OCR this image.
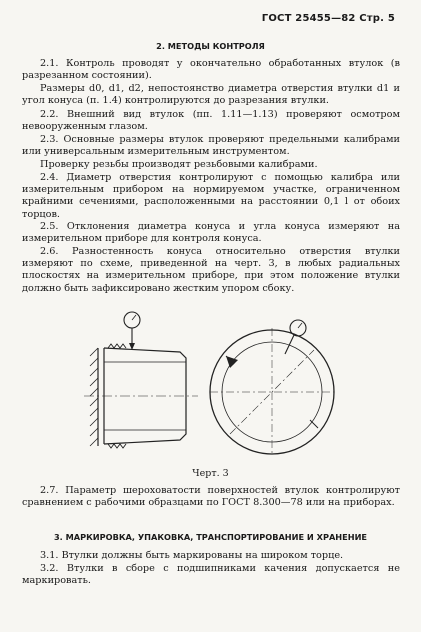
ГОСТ 25455—82 Стр. 5
2. МЕТОДЫ КОНТРОЛЯ

2.1. Контроль проводят у окончательно обработанных втулок (в разрезанном состоянии).

Размеры d0, d1, d2, непостоянство диаметра отверстия втулки d1 и угол конуса (п. 1.4) контролируются до разрезания втулки.

2.2. Внешний вид втулок (пп. 1.11—1.13) проверяют осмотром невооруженным глазом.

2.3. Основные размеры втулок проверяют предельными калибрами или универсальным измерительным инструментом.

Проверку резьбы производят резьбовыми калибрами.

2.4. Диаметр отверстия контролируют с помощью калибра или измерительным прибором на нормируемом участке, ограниченном крайними сечениями, расположенными на расстоянии 0,1 l от обоих торцов.

2.5. Отклонения диаметра конуса и угла конуса измеряют на измерительном приборе для контроля конуса.

2.6. Разностенность конуса относительно отверстия втулки измеряют по схеме, приведенной на черт. 3, в любых радиальных плоскостях на измерительном приборе, при этом положение втулки должно быть зафиксировано жестким упором сбоку.

Черт. 3

2.7. Параметр шероховатости поверхностей втулок контролируют сравнением с рабочими образцами по ГОСТ 8.300—78 или на приборах.

3. МАРКИРОВКА, УПАКОВКА, ТРАНСПОРТИРОВАНИЕ И ХРАНЕНИЕ

3.1. Втулки должны быть маркированы на широком торце.

3.2. Втулки в сборе с подшипниками качения допускается не маркировать.
